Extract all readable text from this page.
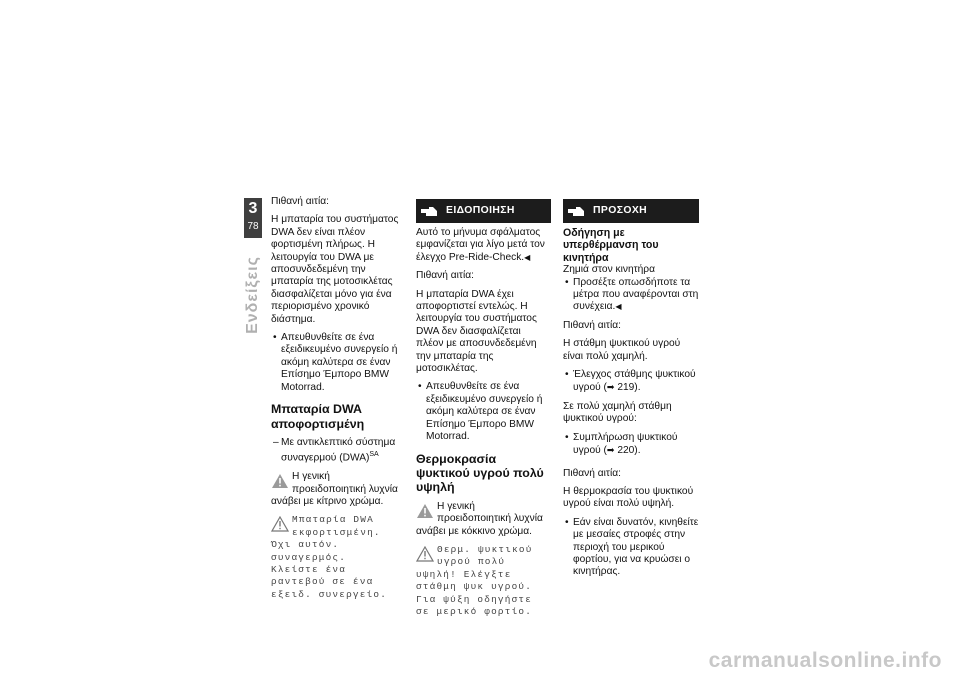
3
78
Ενδείξεις

Πιθανή αιτία:

Η μπαταρία του συστήματος DWA δεν είναι πλέον φορτισμένη πλήρως. Η λειτουργία του DWA με αποσυνδεδεμένη την μπαταρία της μοτοσικλέτας διασφαλίζεται μόνο για ένα περιορισμένο χρονικό διάστημα.

• Απευθυνθείτε σε ένα εξειδικευμένο συνεργείο ή ακόμη καλύτερα σε έναν Επίσημο Έμπορο BMW Motorrad.
Μπαταρία DWA αποφορτισμένη
– Με αντικλεπτικό σύστημα συναγερμού (DWA)$^{SA}$
Η γενική προειδοποιητική λυχνία ανάβει με κίτρινο χρώμα.
Μπαταρία DWA εκφορτισμένη. Όχι αυτόν. συναγερμός. Κλείστε ένα ραντεβού σε ένα εξειδ. συνεργείο.
ΕΙΔΟΠΟΙΗΣΗ

Αυτό το μήνυμα σφάλματος εμφανίζεται για λίγο μετά τον έλεγχο Pre-Ride-Check.◀

Πιθανή αιτία:

Η μπαταρία DWA έχει αποφορτιστεί εντελώς. Η λειτουργία του συστήματος DWA δεν διασφαλίζεται πλέον με αποσυνδεδεμένη την μπαταρία της μοτοσικλέτας.

• Απευθυνθείτε σε ένα εξειδικευμένο συνεργείο ή ακόμη καλύτερα σε έναν Επίσημο Έμπορο BMW Motorrad.
Θερμοκρασία ψυκτικού υγρού πολύ υψηλή
Η γενική προειδοποιητική λυχνία ανάβει με κόκκινο χρώμα.
Θερμ. ψυκτικού υγρού πολύ υψηλή! Ελέγξτε στάθμη ψυκ υγρού. Για ψύξη οδηγήστε σε μερικό φορτίο.
ΠΡΟΣΟΧΗ
Οδήγηση με υπερθέρμανση του κινητήρα

Ζημιά στον κινητήρα

• Προσέξτε οπωσδήποτε τα μέτρα που αναφέρονται στη συνέχεια.◀

Πιθανή αιτία:

Η στάθμη ψυκτικού υγρού είναι πολύ χαμηλή.

• Έλεγχος στάθμης ψυκτικού υγρού (➡ 219).

Σε πολύ χαμηλή στάθμη ψυκτικού υγρού:

• Συμπλήρωση ψυκτικού υγρού (➡ 220).

Πιθανή αιτία:

Η θερμοκρασία του ψυκτικού υγρού είναι πολύ υψηλή.

• Εάν είναι δυνατόν, κινηθείτε με μεσαίες στροφές στην περιοχή του μερικού φορτίου, για να κρυώσει ο κινητήρας.
carmanualsonline.info
